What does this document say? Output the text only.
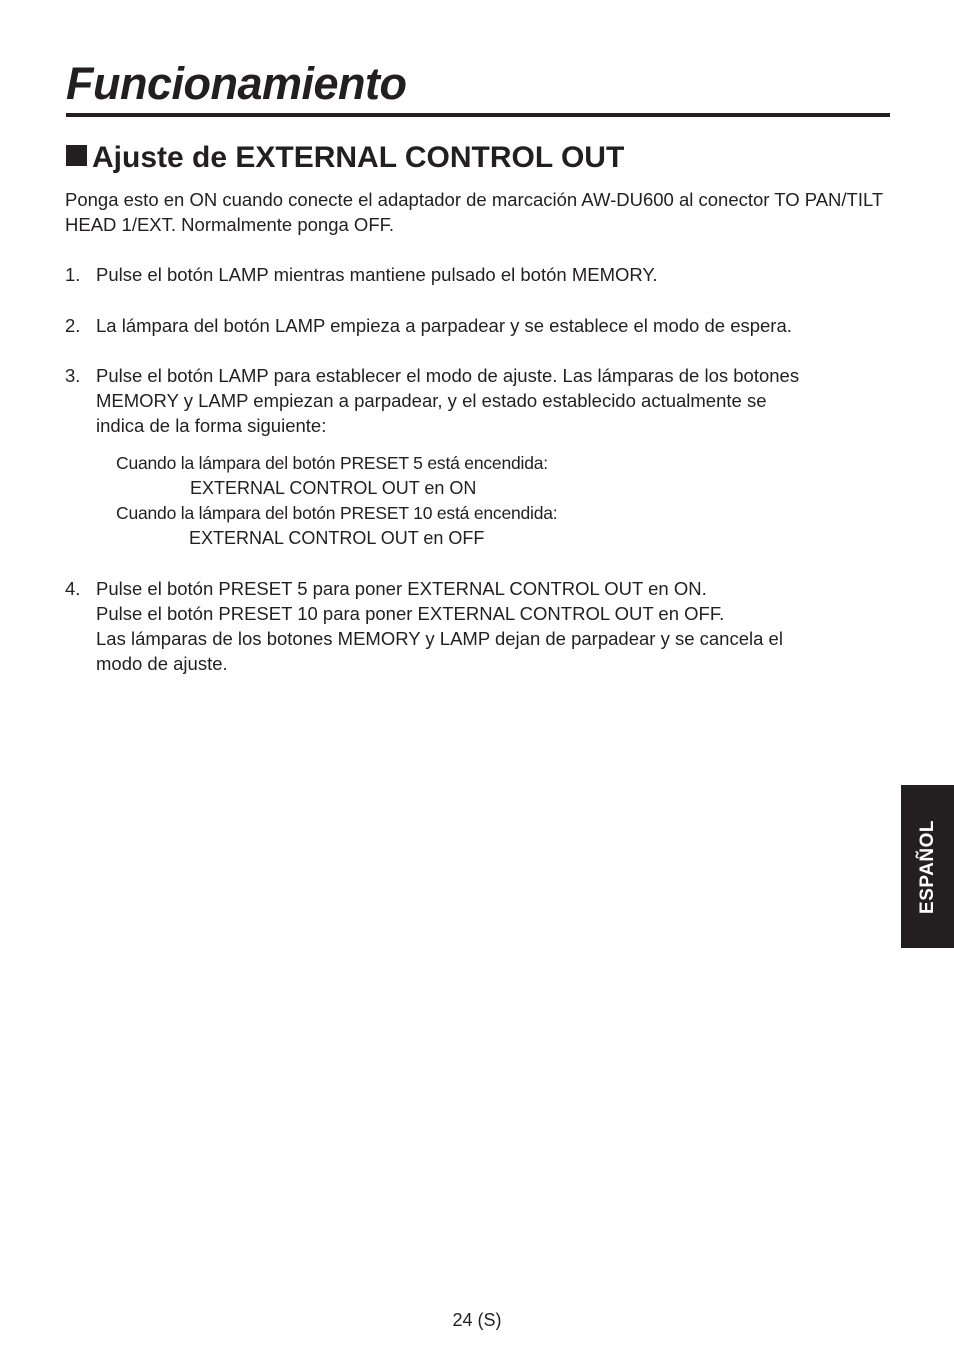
Funcionamiento
Ajuste de EXTERNAL CONTROL OUT

Ponga esto en ON cuando conecte el adaptador de marcación AW-DU600 al conector TO PAN/TILT HEAD 1/EXT. Normalmente ponga OFF.

1. Pulse el botón LAMP mientras mantiene pulsado el botón MEMORY.
2. La lámpara del botón LAMP empieza a parpadear y se establece el modo de espera.
3. Pulse el botón LAMP para establecer el modo de ajuste. Las lámparas de los botones
MEMORY y LAMP empiezan a parpadear, y el estado establecido actualmente se
indica de la forma siguiente:
Cuando la lámpara del botón PRESET 5 está encendida:
EXTERNAL CONTROL OUT en ON
Cuando la lámpara del botón PRESET 10 está encendida:
EXTERNAL CONTROL OUT en OFF
4. Pulse el botón PRESET 5 para poner EXTERNAL CONTROL OUT en ON.
Pulse el botón PRESET 10 para poner EXTERNAL CONTROL OUT en OFF.
Las lámparas de los botones MEMORY y LAMP dejan de parpadear y se cancela el
modo de ajuste.
ESPAÑOL
24 (S)
